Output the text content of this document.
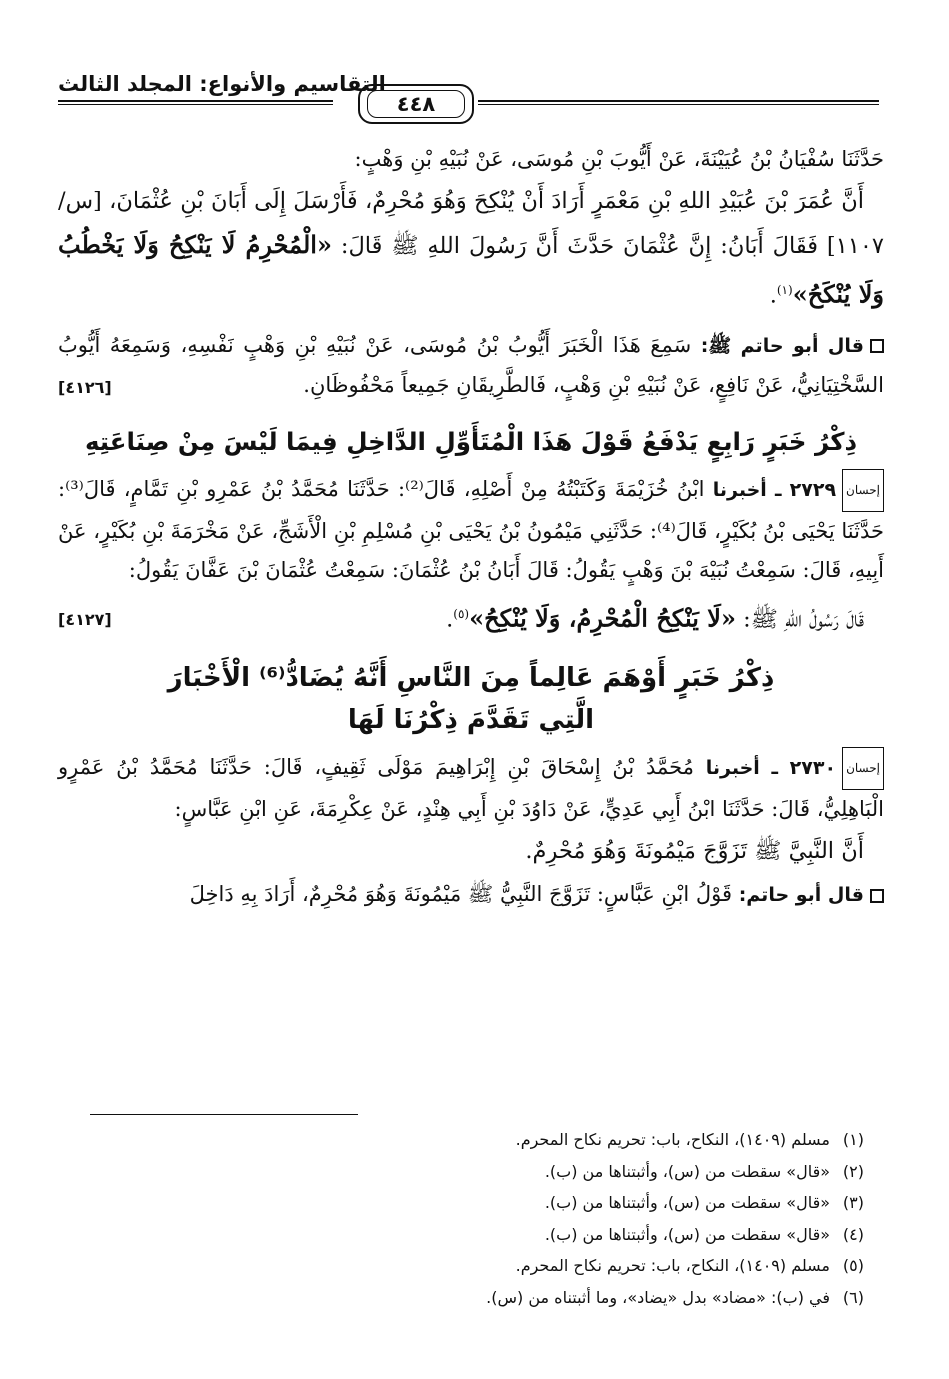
٤٤٨
التقاسيم والأنواع: المجلد الثالث

حَدَّثَنَا سُفْيَانُ بْنُ عُيَيْنَةَ، عَنْ أَيُّوبَ بْنِ مُوسَى، عَنْ نُبَيْهِ بْنِ وَهْبٍ:

أَنَّ عُمَرَ بْنَ عُبَيْدِ اللهِ بْنِ مَعْمَرٍ أَرَادَ أَنْ يُنْكِحَ وَهُوَ مُحْرِمٌ، فَأَرْسَلَ إِلَى أَبَانَ بْنِ عُثْمَانَ، [س/١١٠٧] فَقَالَ أَبَانُ: إِنَّ عُثْمَانَ حَدَّثَ أَنَّ رَسُولَ اللهِ ﷺ قَالَ: «الْمُحْرِمُ لَا يَنْكِحُ وَلَا يَخْطُبُ وَلَا يُنْكَحُ»$^{(١)}$.

قال أبو حاتم ﷺ: سَمِعَ هَذَا الْخَبَرَ أَيُّوبُ بْنُ مُوسَى، عَنْ نُبَيْهِ بْنِ وَهْبٍ نَفْسِهِ، وَسَمِعَهُ أَيُّوبُ السَّخْتِيَانِيُّ، عَنْ نَافِعٍ، عَنْ نُبَيْهِ بْنِ وَهْبٍ، فَالطَّرِيقَانِ جَمِيعاً مَحْفُوظَانِ.
[٤١٢٦]

ذِكْرُ خَبَرٍ رَابِعٍ يَدْفَعُ قَوْلَ هَذَا الْمُتَأَوِّلِ الدَّاخِلِ فِيمَا لَيْسَ مِنْ صِنَاعَتِهِ

إحسان٢٧٢٩ ـ أخبرنا ابْنُ خُزَيْمَةَ وَكَتَبْتُهُ مِنْ أَصْلِهِ، قَالَ⁽²⁾: حَدَّثَنَا مُحَمَّدُ بْنُ عَمْرِو بْنِ تَمَّامٍ، قَالَ⁽³⁾: حَدَّثَنَا يَحْيَى بْنُ بُكَيْرٍ، قَالَ⁽⁴⁾: حَدَّثَنِي مَيْمُونُ بْنُ يَحْيَى بْنِ مُسْلِمِ بْنِ الْأَشَجِّ، عَنْ مَخْرَمَةَ بْنِ بُكَيْرٍ، عَنْ أَبِيهِ، قَالَ: سَمِعْتُ نُبَيْهَ بْنَ وَهْبٍ يَقُولُ: قَالَ أَبَانُ بْنُ عُثْمَانَ: سَمِعْتُ عُثْمَانَ بْنَ عَفَّانَ يَقُولُ:

قَالَ رَسُولُ اللهِ ﷺ: «لَا يَنْكِحُ الْمُحْرِمُ، وَلَا يُنْكِحُ»$^{(٥)}$.
[٤١٢٧]

ذِكْرُ خَبَرٍ أَوْهَمَ عَالِماً مِنَ النَّاسِ أَنَّهُ يُضَادُّ⁽⁶⁾ الْأَخْبَارَ
الَّتِي تَقَدَّمَ ذِكْرُنَا لَهَا

إحسان٢٧٣٠ ـ أخبرنا مُحَمَّدُ بْنُ إِسْحَاقَ بْنِ إِبْرَاهِيمَ مَوْلَى ثَقِيفٍ، قَالَ: حَدَّثَنَا مُحَمَّدُ بْنُ عَمْرٍو الْبَاهِلِيُّ، قَالَ: حَدَّثَنَا ابْنُ أَبِي عَدِيٍّ، عَنْ دَاوُدَ بْنِ أَبِي هِنْدٍ، عَنْ عِكْرِمَةَ، عَنِ ابْنِ عَبَّاسٍ:

أَنَّ النَّبِيَّ ﷺ تَزَوَّجَ مَيْمُونَةَ وَهُوَ مُحْرِمٌ.

قال أبو حاتم: قَوْلُ ابْنِ عَبَّاسٍ: تَزَوَّجَ النَّبِيُّ ﷺ مَيْمُونَةَ وَهُوَ مُحْرِمٌ، أَرَادَ بِهِ دَاخِلَ

(١)مسلم (١٤٠٩)، النكاح، باب: تحريم نكاح المحرم.

(٢)«قال» سقطت من (س)، وأثبتناها من (ب).

(٣)«قال» سقطت من (س)، وأثبتناها من (ب).

(٤)«قال» سقطت من (س)، وأثبتناها من (ب).

(٥)مسلم (١٤٠٩)، النكاح، باب: تحريم نكاح المحرم.

(٦)في (ب): «مضاد» بدل «يضاد»، وما أثبتناه من (س).
